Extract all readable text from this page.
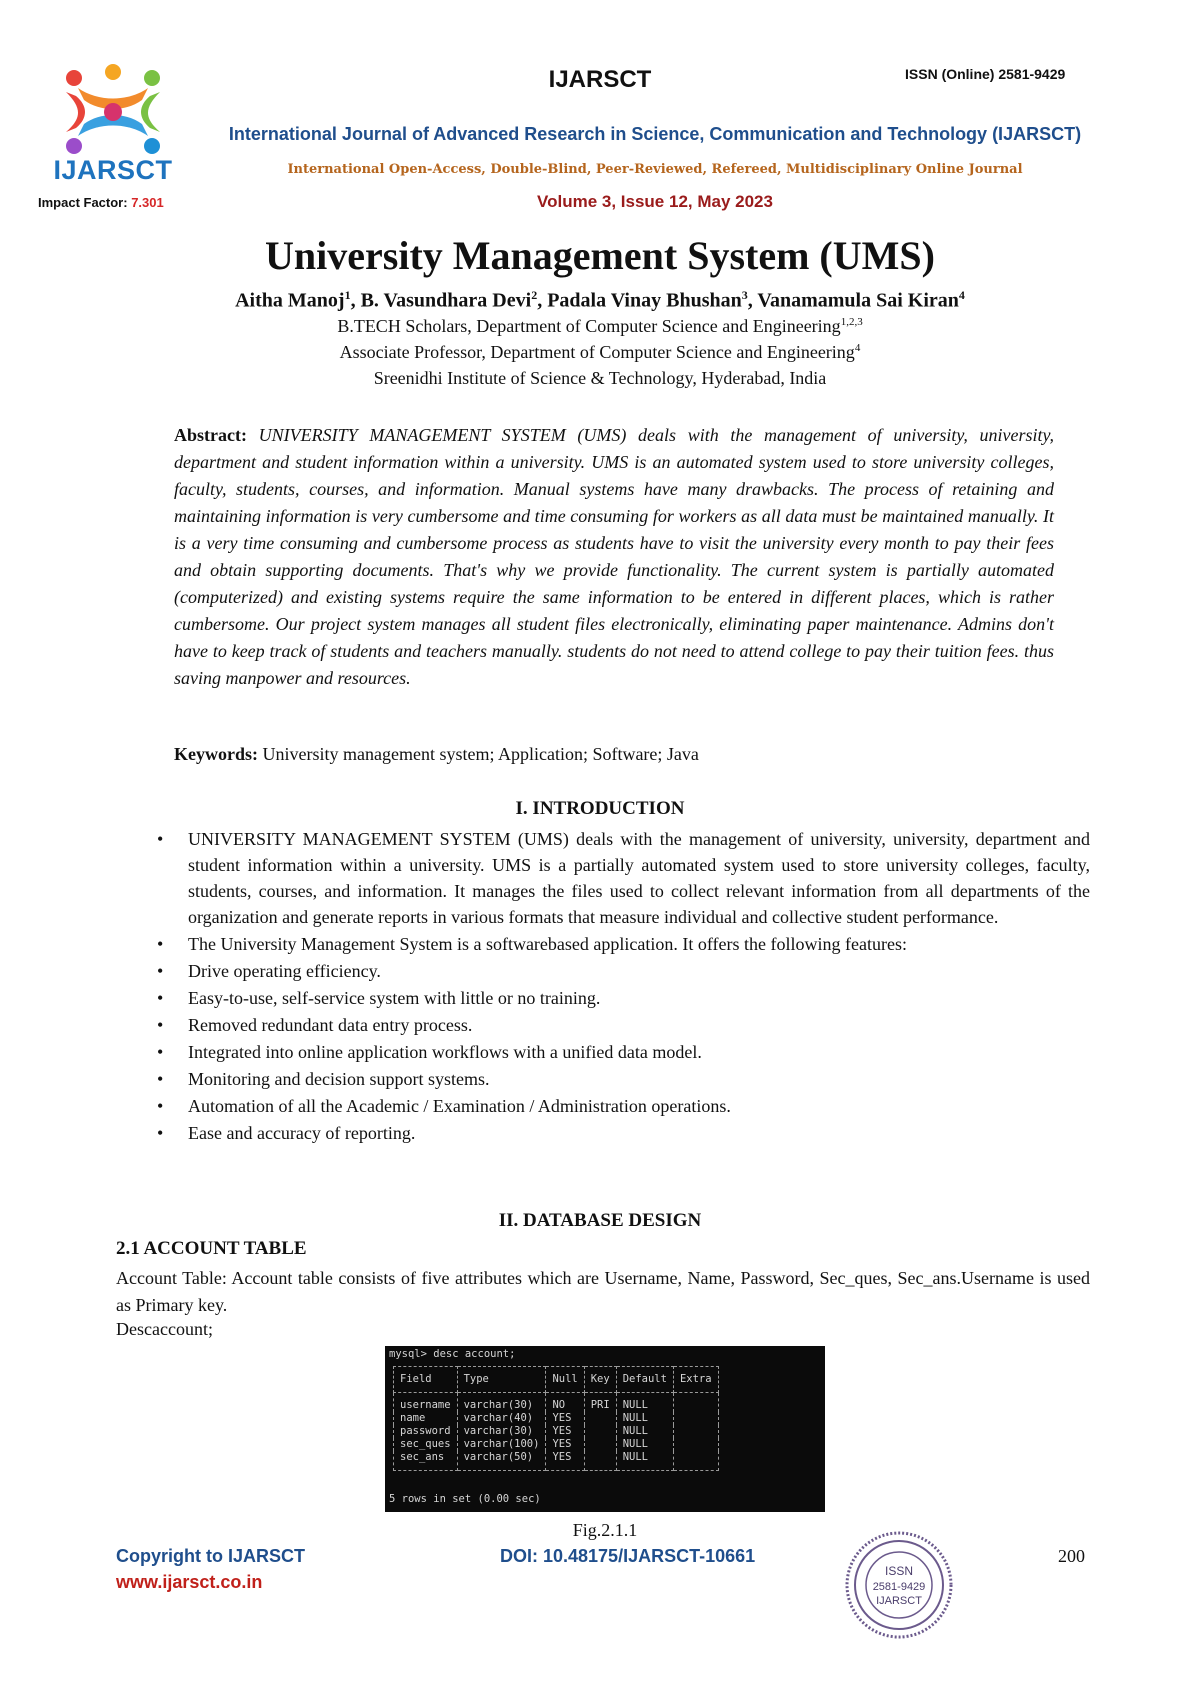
IJARSCT
Impact Factor: 7.301
IJARSCT	ISSN (Online) 2581-9429
International Journal of Advanced Research in Science, Communication and Technology (IJARSCT)
International Open-Access, Double-Blind, Peer-Reviewed, Refereed, Multidisciplinary Online Journal
Volume 3, Issue 12, May 2023
University Management System (UMS)
Aitha Manoj$^1$, B. Vasundhara Devi$^2$, Padala Vinay Bhushan$^3$, Vanamamula Sai Kiran$^4$
B.TECH Scholars, Department of Computer Science and Engineering$^{1,2,3}$
Associate Professor, Department of Computer Science and Engineering$^4$
Sreenidhi Institute of Science & Technology, Hyderabad, India
Abstract: UNIVERSITY MANAGEMENT SYSTEM (UMS) deals with the management of university, university, department and student information within a university. UMS is an automated system used to store university colleges, faculty, students, courses, and information. Manual systems have many drawbacks. The process of retaining and maintaining information is very cumbersome and time consuming for workers as all data must be maintained manually. It is a very time consuming and cumbersome process as students have to visit the university every month to pay their fees and obtain supporting documents. That's why we provide functionality. The current system is partially automated (computerized) and existing systems require the same information to be entered in different places, which is rather cumbersome. Our project system manages all student files electronically, eliminating paper maintenance. Admins don't have to keep track of students and teachers manually. students do not need to attend college to pay their tuition fees. thus saving manpower and resources.
Keywords: University management system; Application; Software; Java
I. INTRODUCTION
• UNIVERSITY MANAGEMENT SYSTEM (UMS) deals with the management of university, university, department and student information within a university. UMS is a partially automated system used to store university colleges, faculty, students, courses, and information. It manages the files used to collect relevant information from all departments of the organization and generate reports in various formats that measure individual and collective student performance.
• The University Management System is a softwarebased application. It offers the following features:
• Drive operating efficiency.
• Easy-to-use, self-service system with little or no training.
• Removed redundant data entry process.
• Integrated into online application workflows with a unified data model.
• Monitoring and decision support systems.
• Automation of all the Academic / Examination / Administration operations.
• Ease and accuracy of reporting.
II. DATABASE DESIGN
2.1 ACCOUNT TABLE
Account Table: Account table consists of five attributes which are Username, Name, Password, Sec_ques, Sec_ans.Username is used as Primary key.
Descaccount;
mysql> desc account;
Field	Type	Null	Key	Default	Extra
username	varchar(30)	NO	PRI	NULL	
name	varchar(40)	YES		NULL	
password	varchar(30)	YES		NULL	
sec_ques	varchar(100)	YES		NULL	
sec_ans	varchar(50)	YES		NULL	
5 rows in set (0.00 sec)
Fig.2.1.1
Copyright to IJARSCT
www.ijarsct.co.in
DOI: 10.48175/IJARSCT-10661
ISSN
2581-9429
IJARSCT
200
